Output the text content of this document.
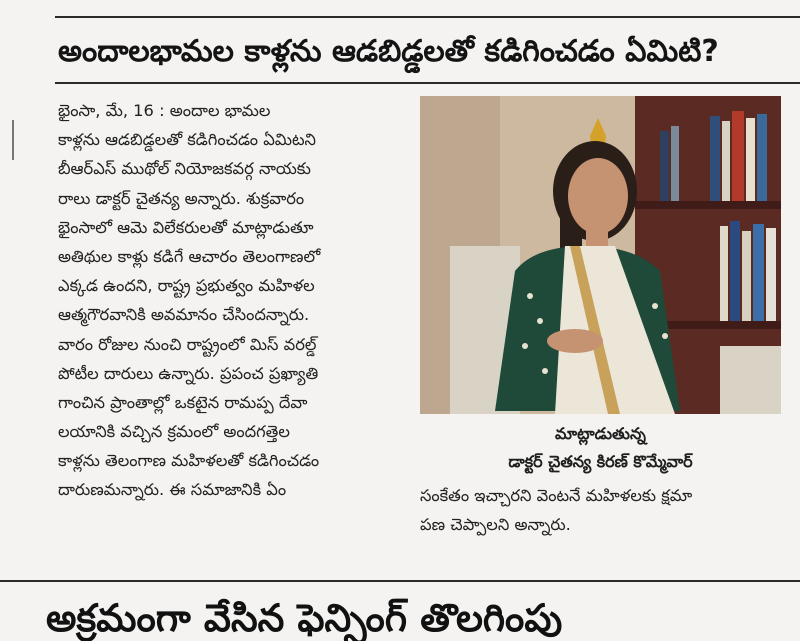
అందాలభామల కాళ్లను ఆడబిడ్డలతో కడిగించడం ఏమిటి?
భైంసా, మే, 16 : అందాల భామల
కాళ్లను ఆడబిడ్డలతో కడిగించడం ఏమిటని
బీఆర్ఎస్ ముథోల్ నియోజకవర్గ నాయకు
రాలు డాక్టర్ చైతన్య అన్నారు. శుక్రవారం
భైంసాలో ఆమె విలేకరులతో మాట్లాడుతూ
అతిథుల కాళ్లు కడిగే ఆచారం తెలంగాణలో
ఎక్కడ ఉందని, రాష్ట్ర ప్రభుత్వం మహిళల
ఆత్మగౌరవానికి అవమానం చేసిందన్నారు.
వారం రోజుల నుంచి రాష్ట్రంలో మిస్ వరల్డ్
పోటీల దారులు ఉన్నారు. ప్రపంచ ప్రఖ్యాతి
గాంచిన ప్రాంతాల్లో ఒకటైన రామప్ప దేవా
లయానికి వచ్చిన క్రమంలో అందగత్తెల
కాళ్లను తెలంగాణ మహిళలతో కడిగించడం
దారుణమన్నారు. ఈ సమాజానికి ఏం
మాట్లాడుతున్న
డాక్టర్ చైతన్య కిరణ్ కొమ్మేవార్
సంకేతం ఇచ్చారని వెంటనే మహిళలకు క్షమా
పణ చెప్పాలని అన్నారు.
అక్రమంగా వేసిన ఫెన్సింగ్ తొలగింపు
